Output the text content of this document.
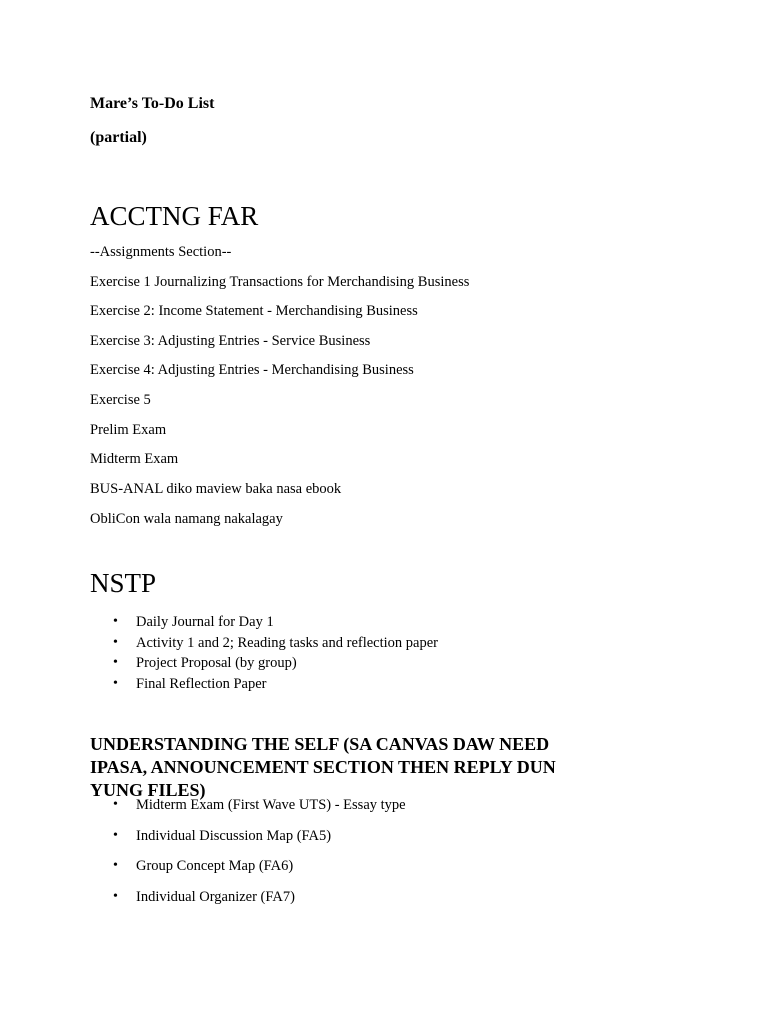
Mare’s To-Do List

(partial)

ACCTNG FAR

--Assignments Section--

Exercise 1 Journalizing Transactions for Merchandising Business

Exercise 2: Income Statement - Merchandising Business

Exercise 3: Adjusting Entries - Service Business

Exercise 4: Adjusting Entries - Merchandising Business

Exercise 5

Prelim Exam

Midterm Exam

BUS-ANAL diko maview baka nasa ebook

ObliCon wala namang nakalagay

NSTP
• Daily Journal for Day 1
• Activity 1 and 2; Reading tasks and reflection paper
• Project Proposal (by group)
• Final Reflection Paper
UNDERSTANDING THE SELF (SA CANVAS DAW NEED IPASA, ANNOUNCEMENT SECTION THEN REPLY DUN YUNG FILES)
• Midterm Exam (First Wave UTS) - Essay type
• Individual Discussion Map (FA5)
• Group Concept Map (FA6)
• Individual Organizer (FA7)
